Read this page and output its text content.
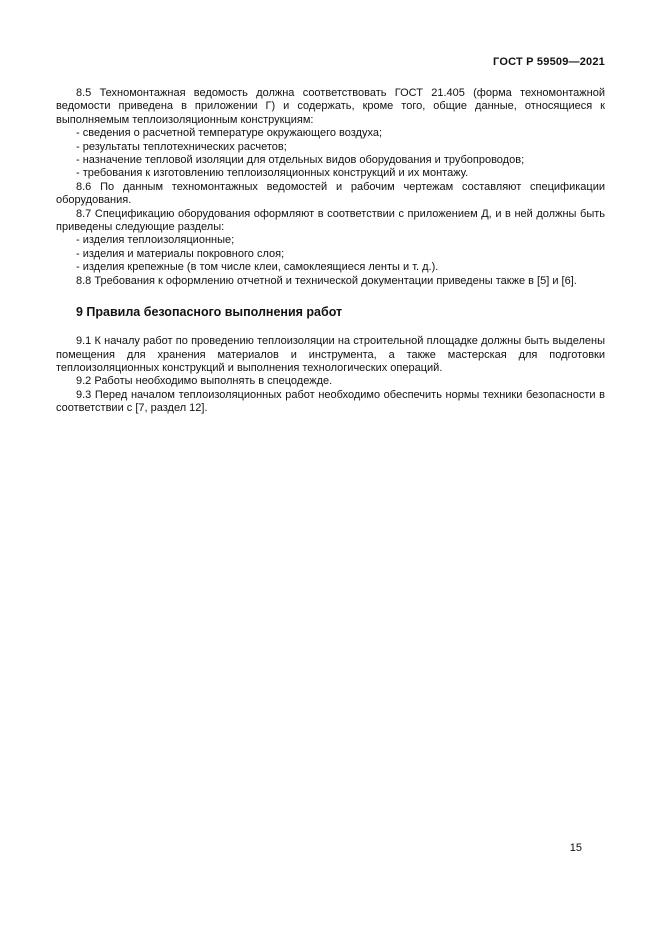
ГОСТ Р 59509—2021

8.5 Техномонтажная ведомость должна соответствовать ГОСТ 21.405 (форма техномонтажной ведомости приведена в приложении Г) и содержать, кроме того, общие данные, относящиеся к выполняемым теплоизоляционным конструкциям:

- сведения о расчетной температуре окружающего воздуха;

- результаты теплотехнических расчетов;

- назначение тепловой изоляции для отдельных видов оборудования и трубопроводов;

- требования к изготовлению теплоизоляционных конструкций и их монтажу.

8.6 По данным техномонтажных ведомостей и рабочим чертежам составляют спецификации оборудования.

8.7 Спецификацию оборудования оформляют в соответствии с приложением Д, и в ней должны быть приведены следующие разделы:

- изделия теплоизоляционные;

- изделия и материалы покровного слоя;

- изделия крепежные (в том числе клеи, самоклеящиеся ленты и т. д.).

8.8 Требования к оформлению отчетной и технической документации приведены также в [5] и [6].

9 Правила безопасного выполнения работ

9.1 К началу работ по проведению теплоизоляции на строительной площадке должны быть выделены помещения для хранения материалов и инструмента, а также мастерская для подготовки теплоизоляционных конструкций и выполнения технологических операций.

9.2 Работы необходимо выполнять в спецодежде.

9.3 Перед началом теплоизоляционных работ необходимо обеспечить нормы техники безопасности в соответствии с [7, раздел 12].

15
